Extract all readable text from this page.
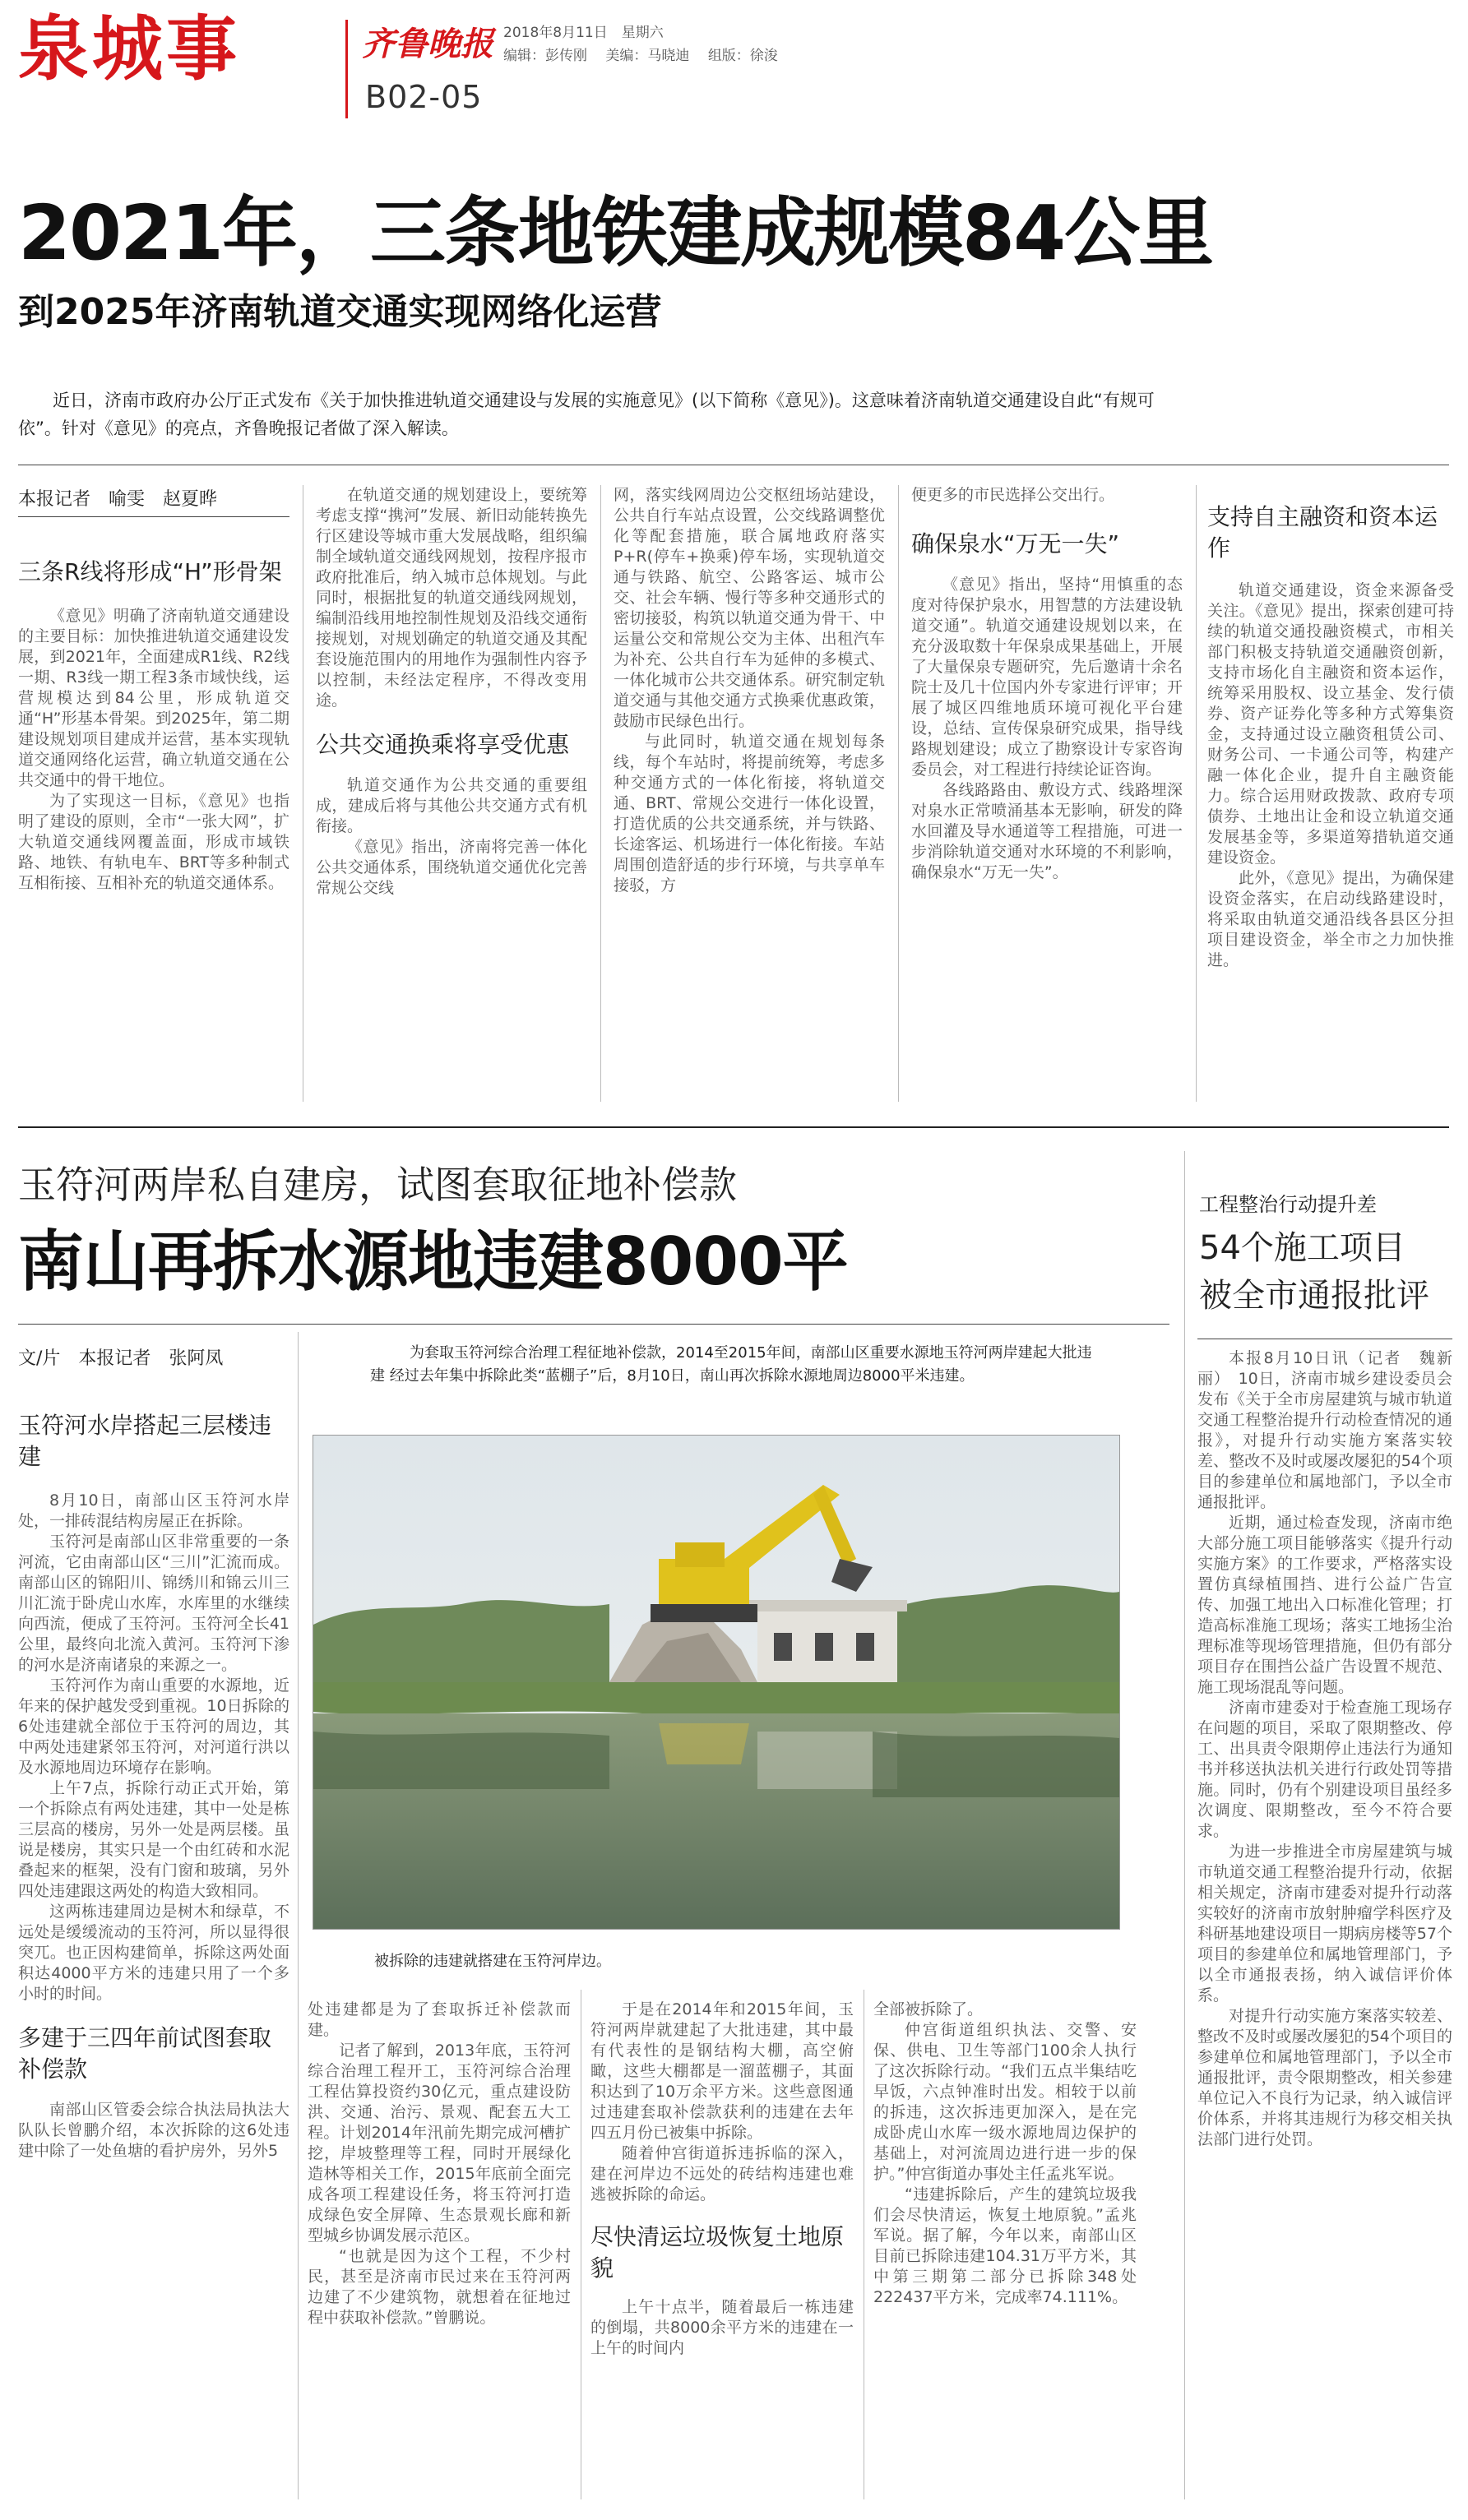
泉城事	齐鲁晚报 2018年8月11日　星期六
编辑：彭传刚　 美编：马晓迪　 组版：徐浚
B02-05
2021年，三条地铁建成规模84公里
到2025年济南轨道交通实现网络化运营
近日，济南市政府办公厅正式发布《关于加快推进轨道交通建设与发展的实施意见》(以下简称《意见》)。这意味着济南轨道交通建设自此“有规可依”。针对《意见》的亮点，齐鲁晚报记者做了深入解读。
本报记者　喻雯　赵夏晔
三条R线将形成“H”形骨架
《意见》明确了济南轨道交通建设的主要目标：加快推进轨道交通建设发展，到2021年，全面建成R1线、R2线一期、R3线一期工程3条市域快线，运营规模达到84公里，形成轨道交通“H”形基本骨架。到2025年，第二期建设规划项目建成并运营，基本实现轨道交通网络化运营，确立轨道交通在公共交通中的骨干地位。
为了实现这一目标，《意见》也指明了建设的原则，全市“一张大网”，扩大轨道交通线网覆盖面，形成市域铁路、地铁、有轨电车、BRT等多种制式互相衔接、互相补充的轨道交通体系。
在轨道交通的规划建设上，要统筹考虑支撑“携河”发展、新旧动能转换先行区建设等城市重大发展战略，组织编制全域轨道交通线网规划，按程序报市政府批准后，纳入城市总体规划。与此同时，根据批复的轨道交通线网规划，编制沿线用地控制性规划及沿线交通衔接规划，对规划确定的轨道交通及其配套设施范围内的用地作为强制性内容予以控制，未经法定程序，不得改变用途。
公共交通换乘将享受优惠
轨道交通作为公共交通的重要组成，建成后将与其他公共交通方式有机衔接。
《意见》指出，济南将完善一体化公共交通体系，围绕轨道交通优化完善常规公交线
网，落实线网周边公交枢纽场站建设，公共自行车站点设置，公交线路调整优化等配套措施，联合属地政府落实P+R(停车+换乘)停车场，实现轨道交通与铁路、航空、公路客运、城市公交、社会车辆、慢行等多种交通形式的密切接驳，构筑以轨道交通为骨干、中运量公交和常规公交为主体、出租汽车为补充、公共自行车为延伸的多模式、一体化城市公共交通体系。研究制定轨道交通与其他交通方式换乘优惠政策，鼓励市民绿色出行。
与此同时，轨道交通在规划每条线，每个车站时，将提前统筹，考虑多种交通方式的一体化衔接，将轨道交通、BRT、常规公交进行一体化设置，打造优质的公共交通系统，并与铁路、长途客运、机场进行一体化衔接。车站周围创造舒适的步行环境，与共享单车接驳，方
便更多的市民选择公交出行。
确保泉水“万无一失”
《意见》指出，坚持“用慎重的态度对待保护泉水，用智慧的方法建设轨道交通”。轨道交通建设规划以来，在充分汲取数十年保泉成果基础上，开展了大量保泉专题研究，先后邀请十余名院士及几十位国内外专家进行评审；开展了城区四维地质环境可视化平台建设，总结、宣传保泉研究成果，指导线路规划建设；成立了勘察设计专家咨询委员会，对工程进行持续论证咨询。
各线路路由、敷设方式、线路埋深对泉水正常喷涌基本无影响，研发的降水回灌及导水通道等工程措施，可进一步消除轨道交通对水环境的不利影响，确保泉水“万无一失”。
支持自主融资和资本运作
轨道交通建设，资金来源备受关注。《意见》提出，探索创建可持续的轨道交通投融资模式，市相关部门积极支持轨道交通融资创新，支持市场化自主融资和资本运作，统筹采用股权、设立基金、发行债券、资产证券化等多种方式筹集资金，支持通过设立融资租赁公司、财务公司、一卡通公司等，构建产融一体化企业，提升自主融资能力。综合运用财政拨款、政府专项债券、土地出让金和设立轨道交通发展基金等，多渠道筹措轨道交通建设资金。
此外，《意见》提出，为确保建设资金落实，在启动线路建设时，将采取由轨道交通沿线各县区分担项目建设资金，举全市之力加快推进。
玉符河两岸私自建房，试图套取征地补偿款
南山再拆水源地违建8000平
工程整治行动提升差
54个施工项目
被全市通报批评
文/片　本报记者　张阿凤	为套取玉符河综合治理工程征地补偿款，2014至2015年间，南部山区重要水源地玉符河两岸建起大批违建 经过去年集中拆除此类“蓝棚子”后，8月10日，南山再次拆除水源地周边8000平米违建。
玉符河水岸搭起三层楼违建
8月10日，南部山区玉符河水岸处，一排砖混结构房屋正在拆除。
玉符河是南部山区非常重要的一条河流，它由南部山区“三川”汇流而成。南部山区的锦阳川、锦绣川和锦云川三川汇流于卧虎山水库，水库里的水继续向西流，便成了玉符河。玉符河全长41公里，最终向北流入黄河。玉符河下渗的河水是济南诸泉的来源之一。
玉符河作为南山重要的水源地，近年来的保护越发受到重视。10日拆除的6处违建就全部位于玉符河的周边，其中两处违建紧邻玉符河，对河道行洪以及水源地周边环境存在影响。
上午7点，拆除行动正式开始，第一个拆除点有两处违建，其中一处是栋三层高的楼房，另外一处是两层楼。虽说是楼房，其实只是一个由红砖和水泥叠起来的框架，没有门窗和玻璃，另外四处违建跟这两处的构造大致相同。
这两栋违建周边是树木和绿草，不远处是缓缓流动的玉符河，所以显得很突兀。也正因构建简单，拆除这两处面积达4000平方米的违建只用了一个多小时的时间。
多建于三四年前试图套取补偿款
南部山区管委会综合执法局执法大队队长曾鹏介绍，本次拆除的这6处违建中除了一处鱼塘的看护房外，另外5
被拆除的违建就搭建在玉符河岸边。
处违建都是为了套取拆迁补偿款而建。
记者了解到，2013年底，玉符河综合治理工程开工，玉符河综合治理工程估算投资约30亿元，重点建设防洪、交通、治污、景观、配套五大工程。计划2014年汛前先期完成河槽扩挖，岸坡整理等工程，同时开展绿化造林等相关工作，2015年底前全面完成各项工程建设任务，将玉符河打造成绿色安全屏障、生态景观长廊和新型城乡协调发展示范区。
“也就是因为这个工程，不少村民，甚至是济南市民过来在玉符河两边建了不少建筑物，就想着在征地过程中获取补偿款。”曾鹏说。
于是在2014年和2015年间，玉符河两岸就建起了大批违建，其中最有代表性的是钢结构大棚，高空俯瞰，这些大棚都是一溜蓝棚子，其面积达到了10万余平方米。这些意图通过违建套取补偿款获利的违建在去年四五月份已被集中拆除。
随着仲宫街道拆违拆临的深入，建在河岸边不远处的砖结构违建也难逃被拆除的命运。
尽快清运垃圾恢复土地原貌
上午十点半，随着最后一栋违建的倒塌，共8000余平方米的违建在一上午的时间内
全部被拆除了。
仲宫街道组织执法、交警、安保、供电、卫生等部门100余人执行了这次拆除行动。“我们五点半集结吃早饭，六点钟准时出发。相较于以前的拆违，这次拆违更加深入，是在完成卧虎山水库一级水源地周边保护的基础上，对河流周边进行进一步的保护。”仲宫街道办事处主任孟兆军说。
“违建拆除后，产生的建筑垃圾我们会尽快清运，恢复土地原貌。”孟兆军说。据了解，今年以来，南部山区目前已拆除违建104.31万平方米，其中第三期第二部分已拆除348处222437平方米，完成率74.111%。
本报8月10日讯（记者　魏新丽）　10日，济南市城乡建设委员会发布《关于全市房屋建筑与城市轨道交通工程整治提升行动检查情况的通报》，对提升行动实施方案落实较差、整改不及时或屡改屡犯的54个项目的参建单位和属地部门，予以全市通报批评。
近期，通过检查发现，济南市绝大部分施工项目能够落实《提升行动实施方案》的工作要求，严格落实设置仿真绿植围挡、进行公益广告宣传、加强工地出入口标准化管理；打造高标准施工现场；落实工地扬尘治理标准等现场管理措施，但仍有部分项目存在围挡公益广告设置不规范、施工现场混乱等问题。
济南市建委对于检查施工现场存在问题的项目，采取了限期整改、停工、出具责令限期停止违法行为通知书并移送执法机关进行行政处罚等措施。同时，仍有个别建设项目虽经多次调度、限期整改，至今不符合要求。
为进一步推进全市房屋建筑与城市轨道交通工程整治提升行动，依据相关规定，济南市建委对提升行动落实较好的济南市放射肿瘤学科医疗及科研基地建设项目一期病房楼等57个项目的参建单位和属地管理部门，予以全市通报表扬，纳入诚信评价体系。
对提升行动实施方案落实较差、整改不及时或屡改屡犯的54个项目的参建单位和属地管理部门，予以全市通报批评，责令限期整改，相关参建单位记入不良行为记录，纳入诚信评价体系，并将其违规行为移交相关执法部门进行处罚。
